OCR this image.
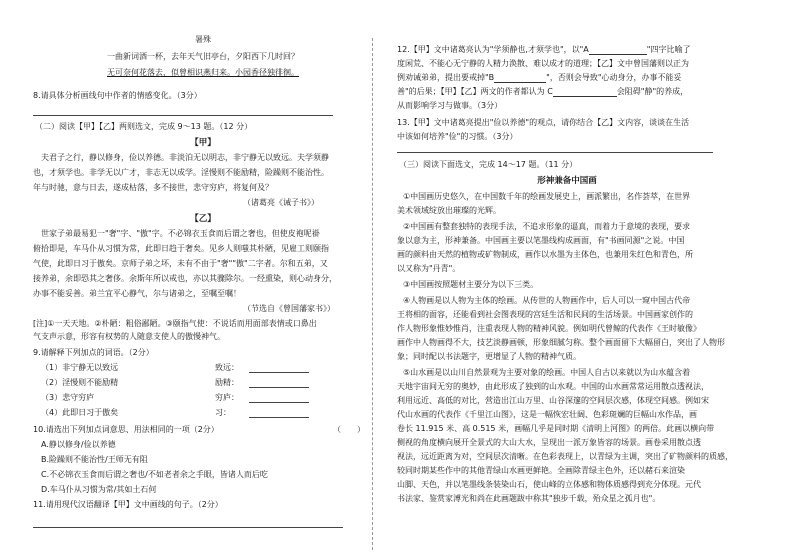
暑殊
一曲新词酒一杯，去年天气旧亭台，夕阳西下几时回？
无可奈何花落去，似曾相识燕归来。小园香径独徘徊。
8.请具体分析画线句中作者的情感变化。（3分）
（二）阅读【甲】【乙】两则选文，完成 9～13 题。（12 分）
【甲】
夫君子之行，静以修身，俭以养德。非淡泊无以明志，非宁静无以致远。夫学须静
也，才须学也。非学无以广才，非志无以成学。淫慢则不能励精，险躁则不能治性。
年与时驰，意与日去，遂成枯落，多不接世，悲守穷庐，将复何及？
（诸葛亮《诫子书》）
【乙】
世家子弟最易犯一"奢"字、"傲"字。不必锦衣玉食而后谓之奢也，但使皮袍呢褂
俯拾即是，车马仆从习惯为常，此即日趋于奢矣。见乡人则嗤其朴陋，见雇工则颐指
气使，此即日习于傲矣。京师子弟之坏，未有不由于"奢""傲"二字者。尔和五弟，又
接养弟，余即恐其之奢侈。余斯年所以戒也，亦以其骤除尔。一经熏染，则心动身分，
办事不能妥善。弟兰宜平心静气，尔与诸弟之，至嘱至嘱！
（节选自《曾国藩家书》）
[注]①一天天地。②朴陋：粗俗鄙陋。③颐指气使：不说话而用面部表情或口鼻出
气支声示意，形容有权势的人随意支使人的傲慢神气。
9.请解释下列加点的词语。（2分）
（1）非宁静无以致远	致远：
（2）淫慢则不能励精	励精：
（3）悲守穷庐	穷庐：
（4）此即日习于傲矣	习：
10.请选出下列加点词意思、用法相同的一项（2分）	（　　）
A.静以修身/俭以养德
B.险躁则不能治性/王师无有阻
C.不必锦衣玉食而后谓之奢也/不如老者余之手眼，皆诸人而后吃
D.车马仆从习惯为常/其如土石何
11.请用现代汉语翻译【甲】文中画线的句子。（2分）
12.【甲】文中诸葛亮认为"学须静也,才须学也"，以"A	"四字比喻了
度闲荒、不能心无宁静的人精力涣散、难以成才的道理；【乙】文中曾国藩则以正为
例劝诫弟弟，提出要戒掉"B	"，否则会导致"心动身分，办事不能妥
善"的后果；【甲】【乙】两文的作者都认为 C	会阻碍"静"的养成，
从而影响学习与做事。（3分）
13.【甲】文中诸葛亮提出"俭以养德"的观点，请你结合【乙】文内容，谈谈在生活
中该如何培养"俭"的习惯。（3分）
（三）阅读下面选文，完成 14～17 题。（11 分）
形神兼备中国画
①中国画历史悠久，在中国数千年的绘画发展史上，画派繁出，名作荟萃，在世界
美术领域绽放出璀璨的光辉。
②中国画有整套独特的表现手法，不追求形象的逼真，而着力于意境的表现，要求
象以意为主，形神兼备。中国画主要以笔墨线构成画面，有"书画同源"之说。中国
画的颜料由天然的植物或矿物制成，画作以水墨为主体色，也兼用朱红色和青色，所
以又称为"丹青"。
③中国画按照题材主要分为以下三类。
④人物画是以人物为主体的绘画。从传世的人物画作中，后人可以一窥中国古代帝
王将相的面容，还能看到社会图表现的宫廷生活和民间的生活场景。中国画家创作的
作人物形象惟妙惟肖，注重表现人物的精神风貌。例如明代曾鲸的代表作《王时敏像》
画作中人物画得不大，技艺淡静画顿，形象细腻匀称。整个画面留下大幅留白，突出了人物形
象；同时配以书法题字，更增显了人物的精神气质。
⑤山水画是以山川自然景观为主要对象的绘画。中国人自古以来就以为山水蕴含着
天地宇宙间无穷的奥妙，由此形成了独到的山水观。中国的山水画常常运用散点透视法，
利用远近、高低的对比，营造出江山万里、山谷深邃的空间层次感，体现空间感。例如宋
代山水画的代表作《千里江山图》，这是一幅恢宏壮阔、色彩斑斓的巨幅山水作品，画
卷长 11.915 米、高 0.515 米，画幅几乎是同时期《清明上河图》的两倍。此画以横向带
侧视的角度横向展开全景式的大山大水，呈现出一派万象皆容的场景。画卷采用散点透
视法，远近距离为对，空间层次清晰。在色彩表现上，以青绿为主调，突出了矿物颜料的质感，
较同时期某些作中的其他青绿山水画更鲜艳。全画除青绿主色外，还以赭石来渲染
山脚、天色，并以笔墨线条装染山石，使山峰的立体感和物体质感得到充分体现。元代
书法家、鉴赏家溥光和尚在此画题跋中称其"独步千载，殆众星之孤月也"。
